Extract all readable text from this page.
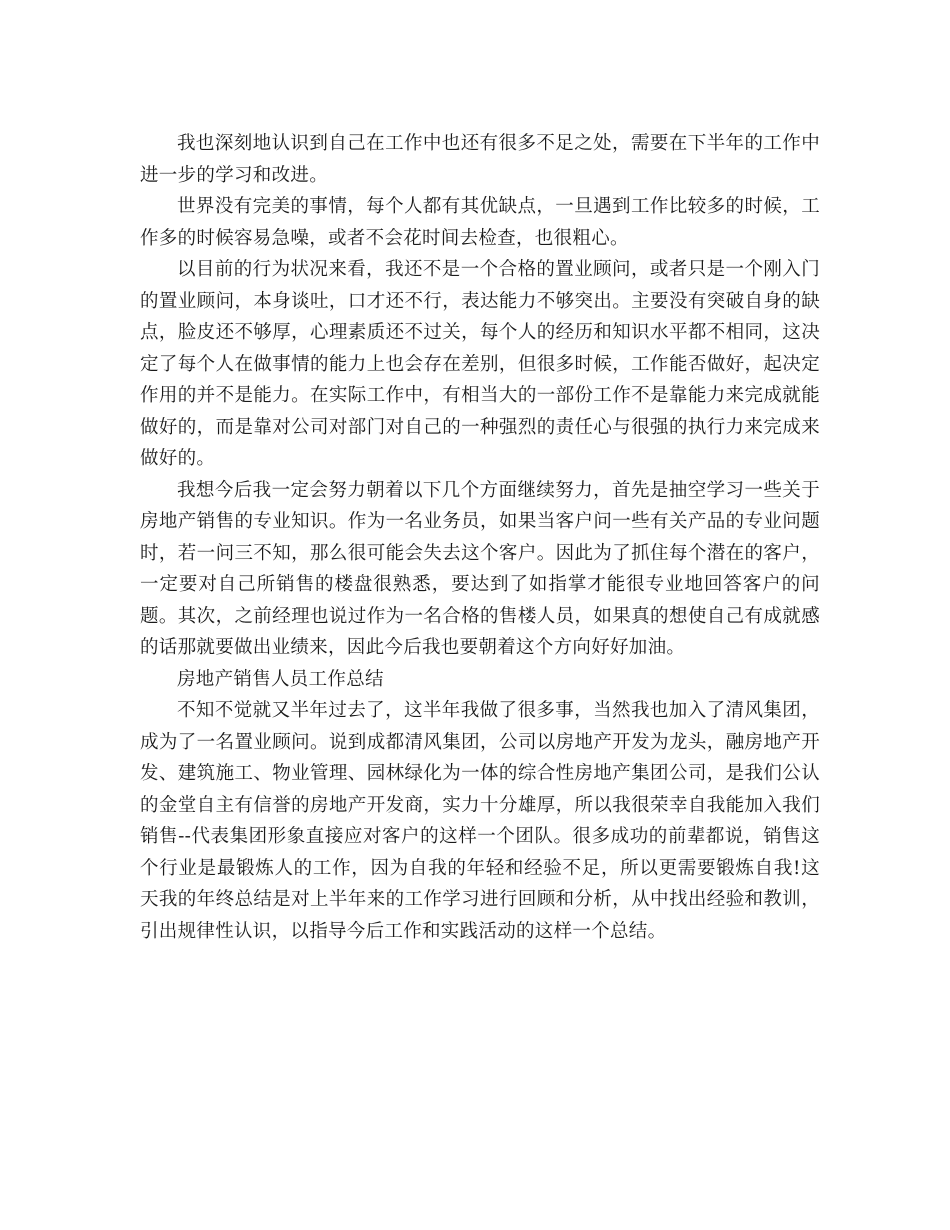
我也深刻地认识到自己在工作中也还有很多不足之处，需要在下半年的工作中进一步的学习和改进。

世界没有完美的事情，每个人都有其优缺点，一旦遇到工作比较多的时候，工作多的时候容易急噪，或者不会花时间去检查，也很粗心。

以目前的行为状况来看，我还不是一个合格的置业顾问，或者只是一个刚入门的置业顾问，本身谈吐，口才还不行，表达能力不够突出。主要没有突破自身的缺点，脸皮还不够厚，心理素质还不过关，每个人的经历和知识水平都不相同，这决定了每个人在做事情的能力上也会存在差别，但很多时候，工作能否做好，起决定作用的并不是能力。在实际工作中，有相当大的一部份工作不是靠能力来完成就能做好的，而是靠对公司对部门对自己的一种强烈的责任心与很强的执行力来完成来做好的。

我想今后我一定会努力朝着以下几个方面继续努力，首先是抽空学习一些关于房地产销售的专业知识。作为一名业务员，如果当客户问一些有关产品的专业问题时，若一问三不知，那么很可能会失去这个客户。因此为了抓住每个潜在的客户，一定要对自己所销售的楼盘很熟悉，要达到了如指掌才能很专业地回答客户的问题。其次，之前经理也说过作为一名合格的售楼人员，如果真的想使自己有成就感的话那就要做出业绩来，因此今后我也要朝着这个方向好好加油。

房地产销售人员工作总结

不知不觉就又半年过去了，这半年我做了很多事，当然我也加入了清风集团，成为了一名置业顾问。说到成都清风集团，公司以房地产开发为龙头，融房地产开发、建筑施工、物业管理、园林绿化为一体的综合性房地产集团公司，是我们公认的金堂自主有信誉的房地产开发商，实力十分雄厚，所以我很荣幸自我能加入我们销售--代表集团形象直接应对客户的这样一个团队。很多成功的前辈都说，销售这个行业是最锻炼人的工作，因为自我的年轻和经验不足，所以更需要锻炼自我!这天我的年终总结是对上半年来的工作学习进行回顾和分析，从中找出经验和教训，引出规律性认识，以指导今后工作和实践活动的这样一个总结。
